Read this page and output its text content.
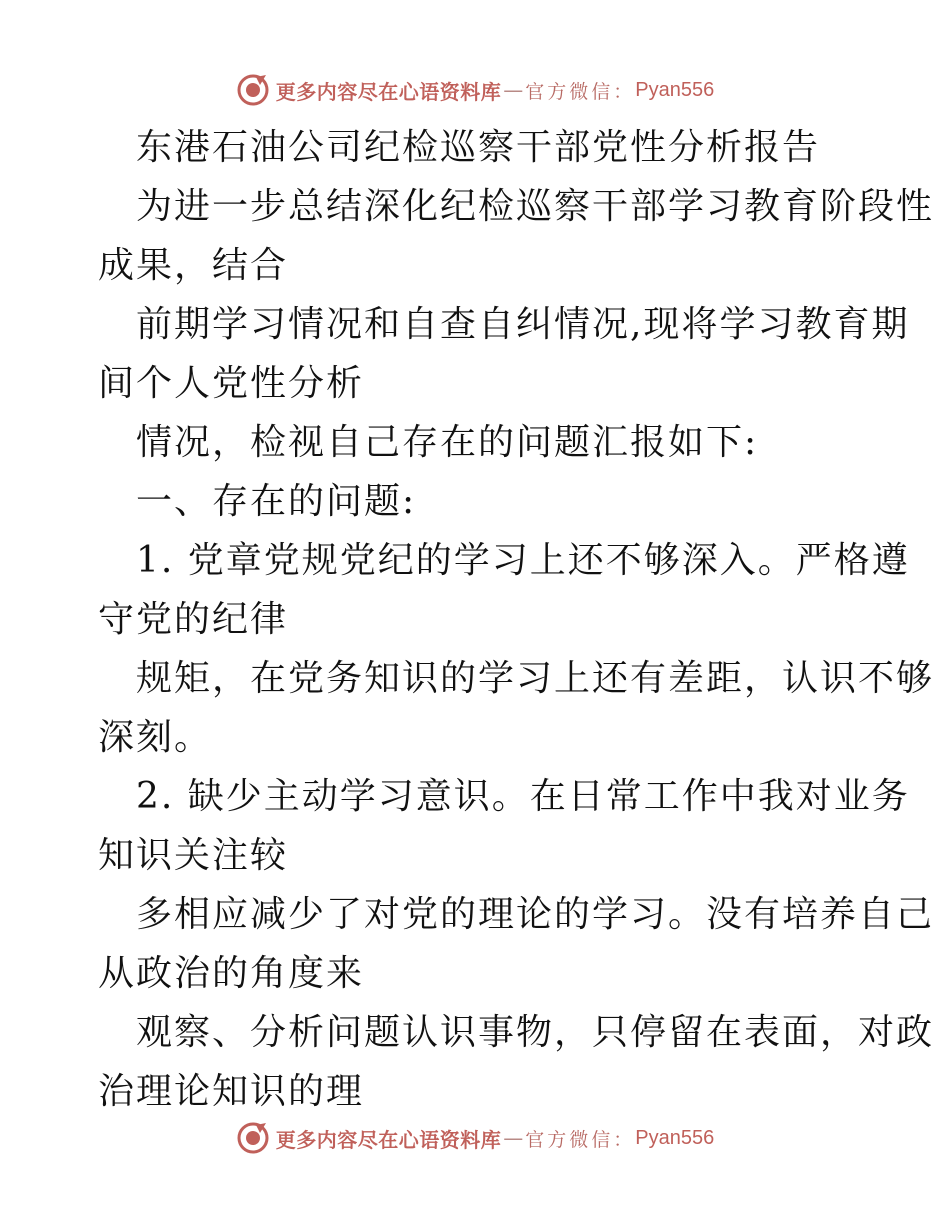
更多内容尽在心语资料库 — 官方微信： Pyan556

东港石油公司纪检巡察干部党性分析报告

为进一步总结深化纪检巡察干部学习教育阶段性

成果，结合

前期学习情况和自查自纠情况,现将学习教育期

间个人党性分析

情况，检视自己存在的问题汇报如下:

一、存在的问题:

1. 党章党规党纪的学习上还不够深入。严格遵

守党的纪律

规矩，在党务知识的学习上还有差距，认识不够

深刻。

2. 缺少主动学习意识。在日常工作中我对业务

知识关注较

多相应减少了对党的理论的学习。没有培养自己

从政治的角度来

观察、分析问题认识事物，只停留在表面，对政

治理论知识的理

更多内容尽在心语资料库 — 官方微信： Pyan556
